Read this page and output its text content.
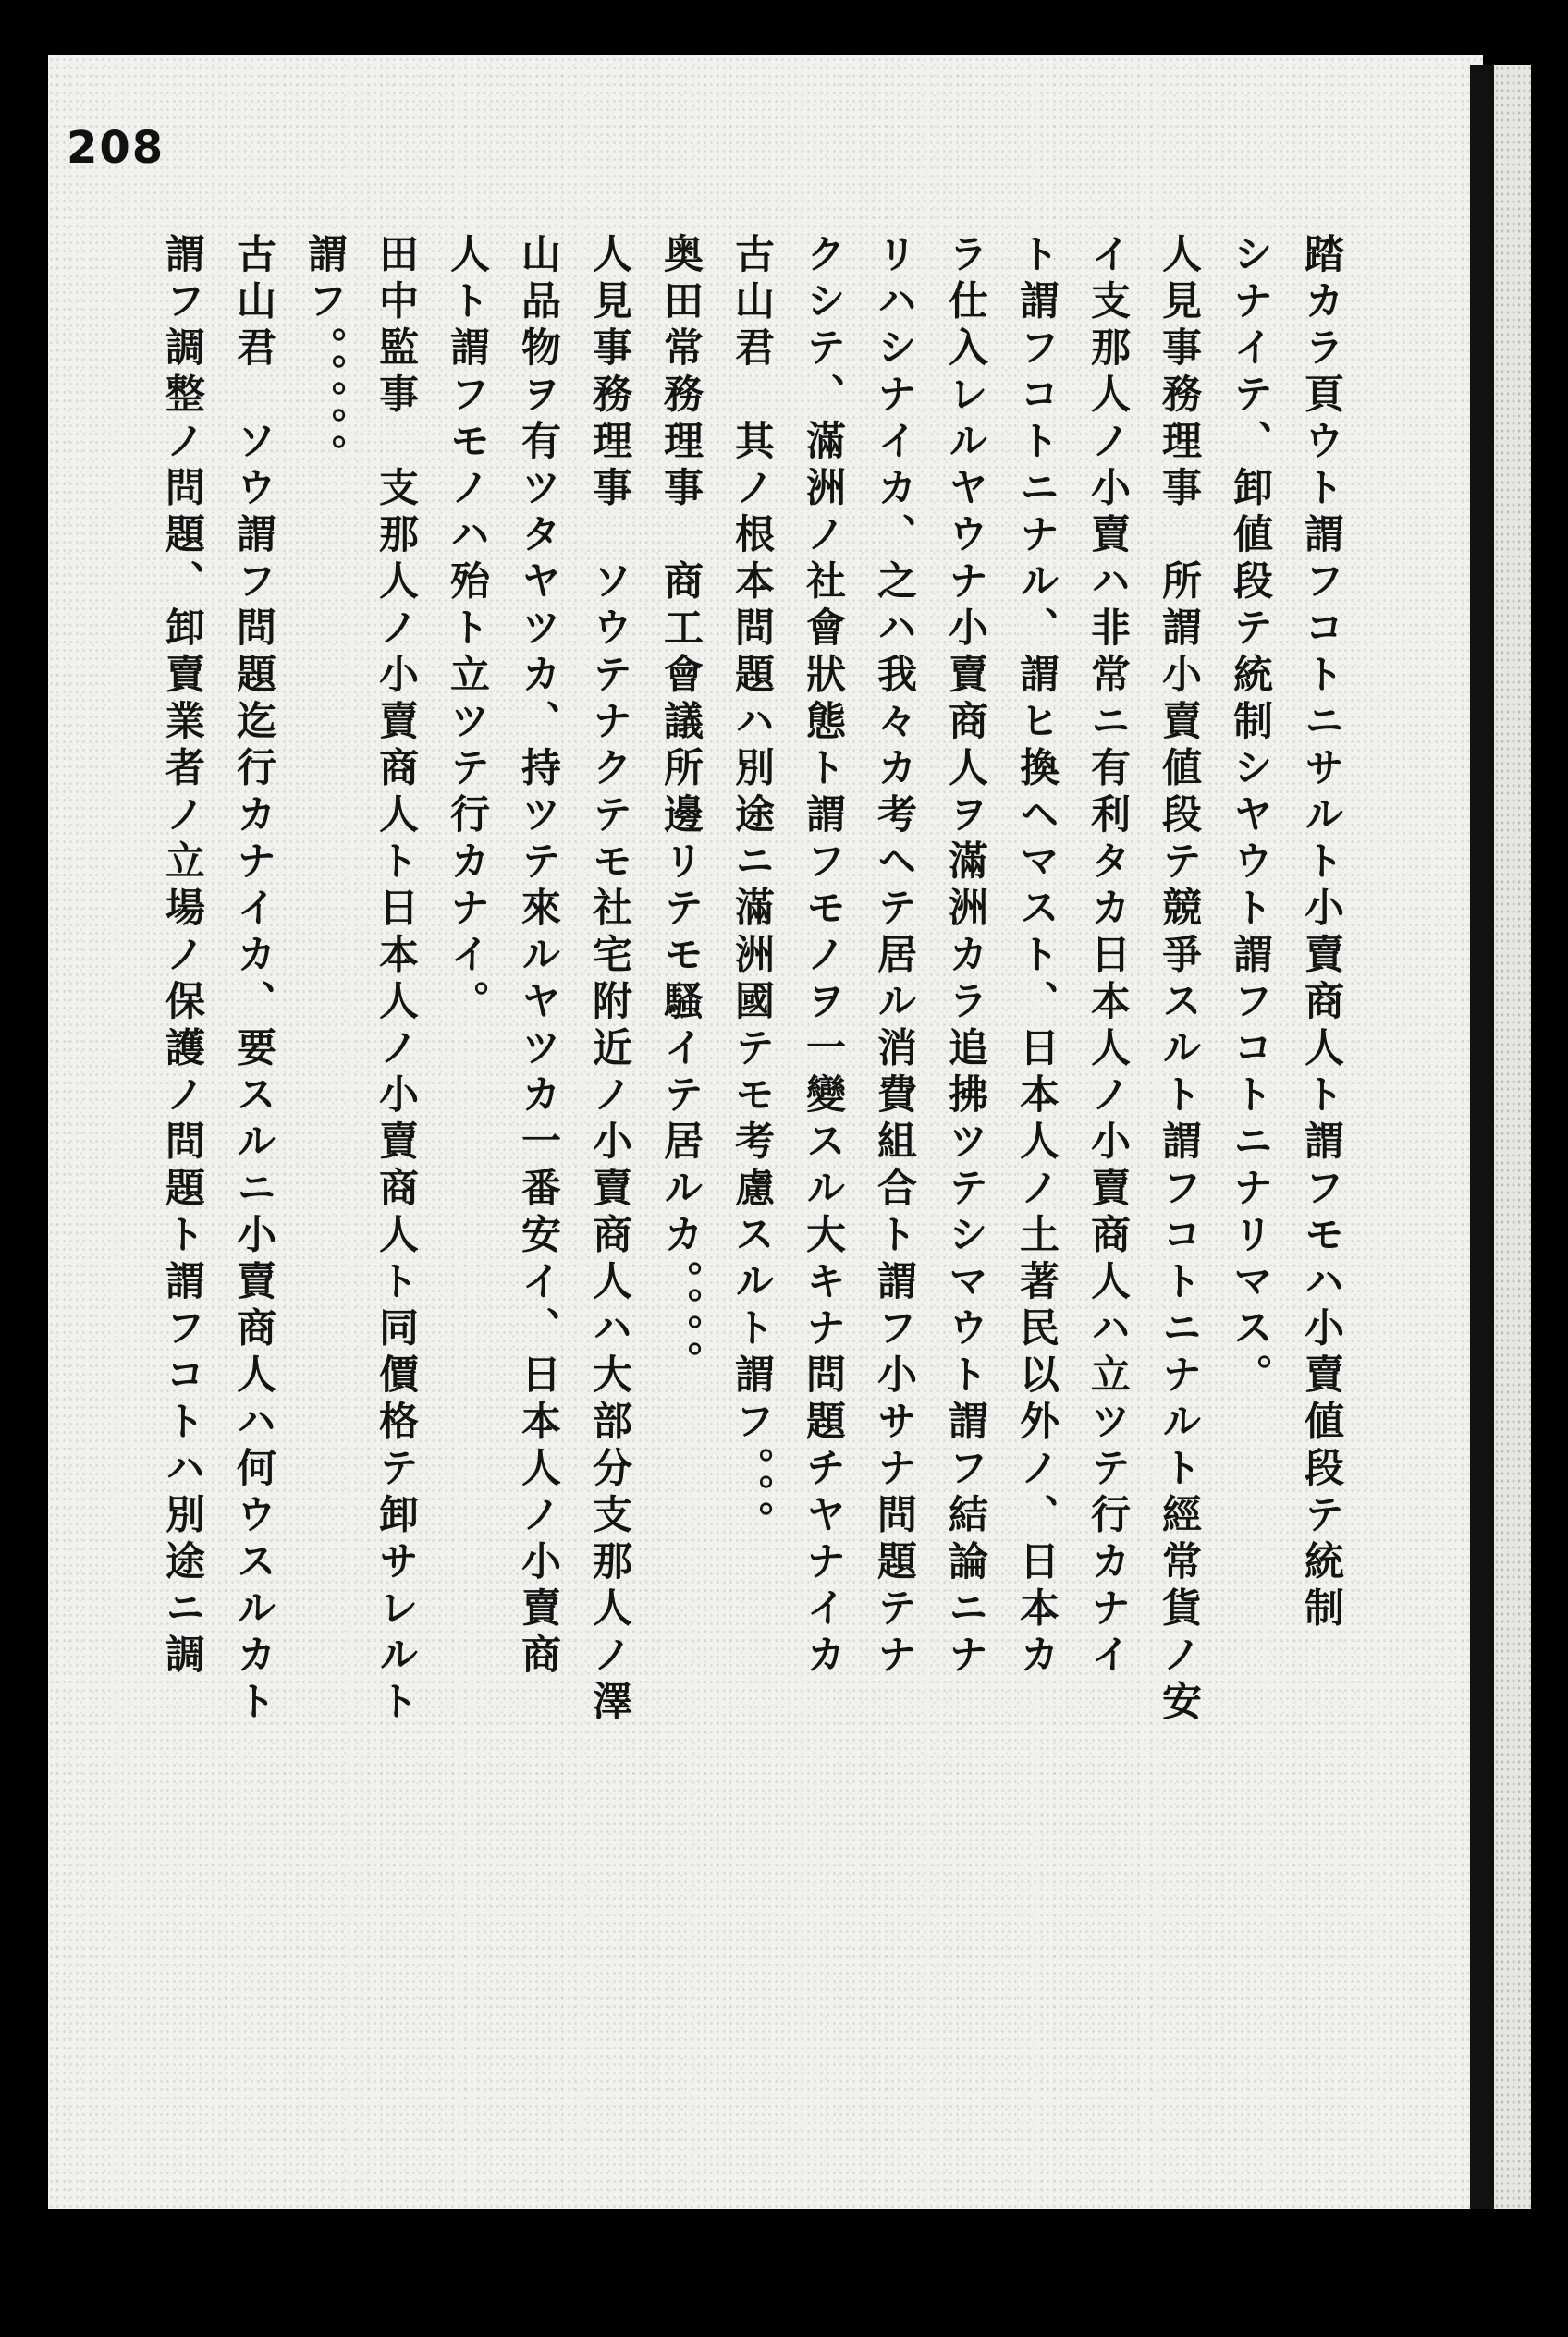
208
踏カラ頁ウト謂フコトニサルト小賣商人ト謂フモハ小賣値段テ統制
シナイテ、卸値段テ統制シヤウト謂フコトニナリマス。
人見事務理事　所謂小賣値段テ競爭スルト謂フコトニナルト經常貨ノ安
イ支那人ノ小賣ハ非常ニ有利タカ日本人ノ小賣商人ハ立ツテ行カナイ
ト謂フコトニナル、謂ヒ換ヘマスト、日本人ノ土著民以外ノ、日本カ
ラ仕入レルヤウナ小賣商人ヲ滿洲カラ追拂ツテシマウト謂フ結論ニナ
リハシナイカ、之ハ我々カ考ヘテ居ル消費組合ト謂フ小サナ問題テナ
クシテ、滿洲ノ社會狀態ト謂フモノヲ一變スル大キナ問題チヤナイカ
古山君　其ノ根本問題ハ別途ニ滿洲國テモ考慮スルト謂フ。。。
奥田常務理事　商工會議所邊リテモ騷イテ居ルカ。。。。
人見事務理事　ソウテナクテモ社宅附近ノ小賣商人ハ大部分支那人ノ澤
山品物ヲ有ツタヤツカ、持ツテ來ルヤツカ一番安イ、日本人ノ小賣商
人ト謂フモノハ殆ト立ツテ行カナイ。
田中監事　支那人ノ小賣商人ト日本人ノ小賣商人ト同價格テ卸サレルト
謂フ。。。。。
古山君　ソウ謂フ問題迄行カナイカ、要スルニ小賣商人ハ何ウスルカト
謂フ調整ノ問題、卸賣業者ノ立場ノ保護ノ問題ト謂フコトハ別途ニ調
